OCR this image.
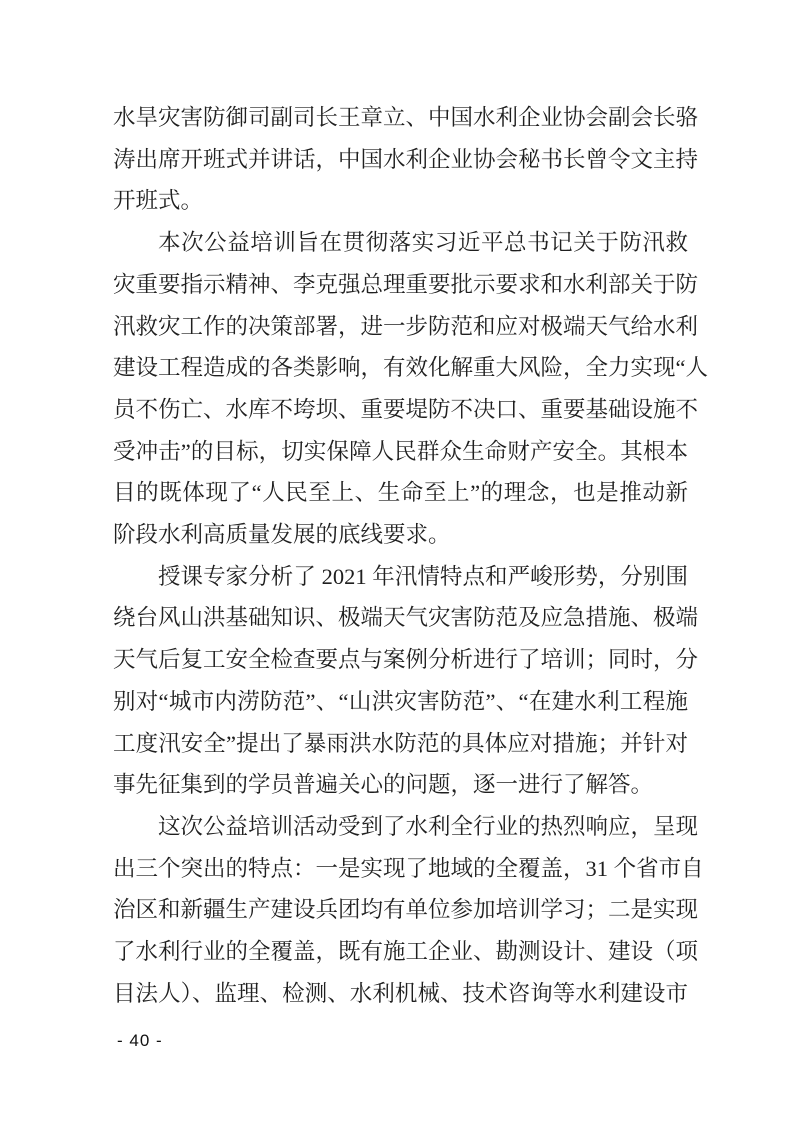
水旱灾害防御司副司长王章立、中国水利企业协会副会长骆
涛出席开班式并讲话，中国水利企业协会秘书长曾令文主持
开班式。
本次公益培训旨在贯彻落实习近平总书记关于防汛救
灾重要指示精神、李克强总理重要批示要求和水利部关于防
汛救灾工作的决策部署，进一步防范和应对极端天气给水利
建设工程造成的各类影响，有效化解重大风险，全力实现“人
员不伤亡、水库不垮坝、重要堤防不决口、重要基础设施不
受冲击”的目标，切实保障人民群众生命财产安全。其根本
目的既体现了“人民至上、生命至上”的理念，也是推动新
阶段水利高质量发展的底线要求。
授课专家分析了 2021 年汛情特点和严峻形势，分别围
绕台风山洪基础知识、极端天气灾害防范及应急措施、极端
天气后复工安全检查要点与案例分析进行了培训；同时，分
别对“城市内涝防范”、“山洪灾害防范”、“在建水利工程施
工度汛安全”提出了暴雨洪水防范的具体应对措施；并针对
事先征集到的学员普遍关心的问题，逐一进行了解答。
这次公益培训活动受到了水利全行业的热烈响应，呈现
出三个突出的特点：一是实现了地域的全覆盖，31 个省市自
治区和新疆生产建设兵团均有单位参加培训学习；二是实现
了水利行业的全覆盖，既有施工企业、勘测设计、建设（项
目法人）、监理、检测、水利机械、技术咨询等水利建设市
- 40 -
